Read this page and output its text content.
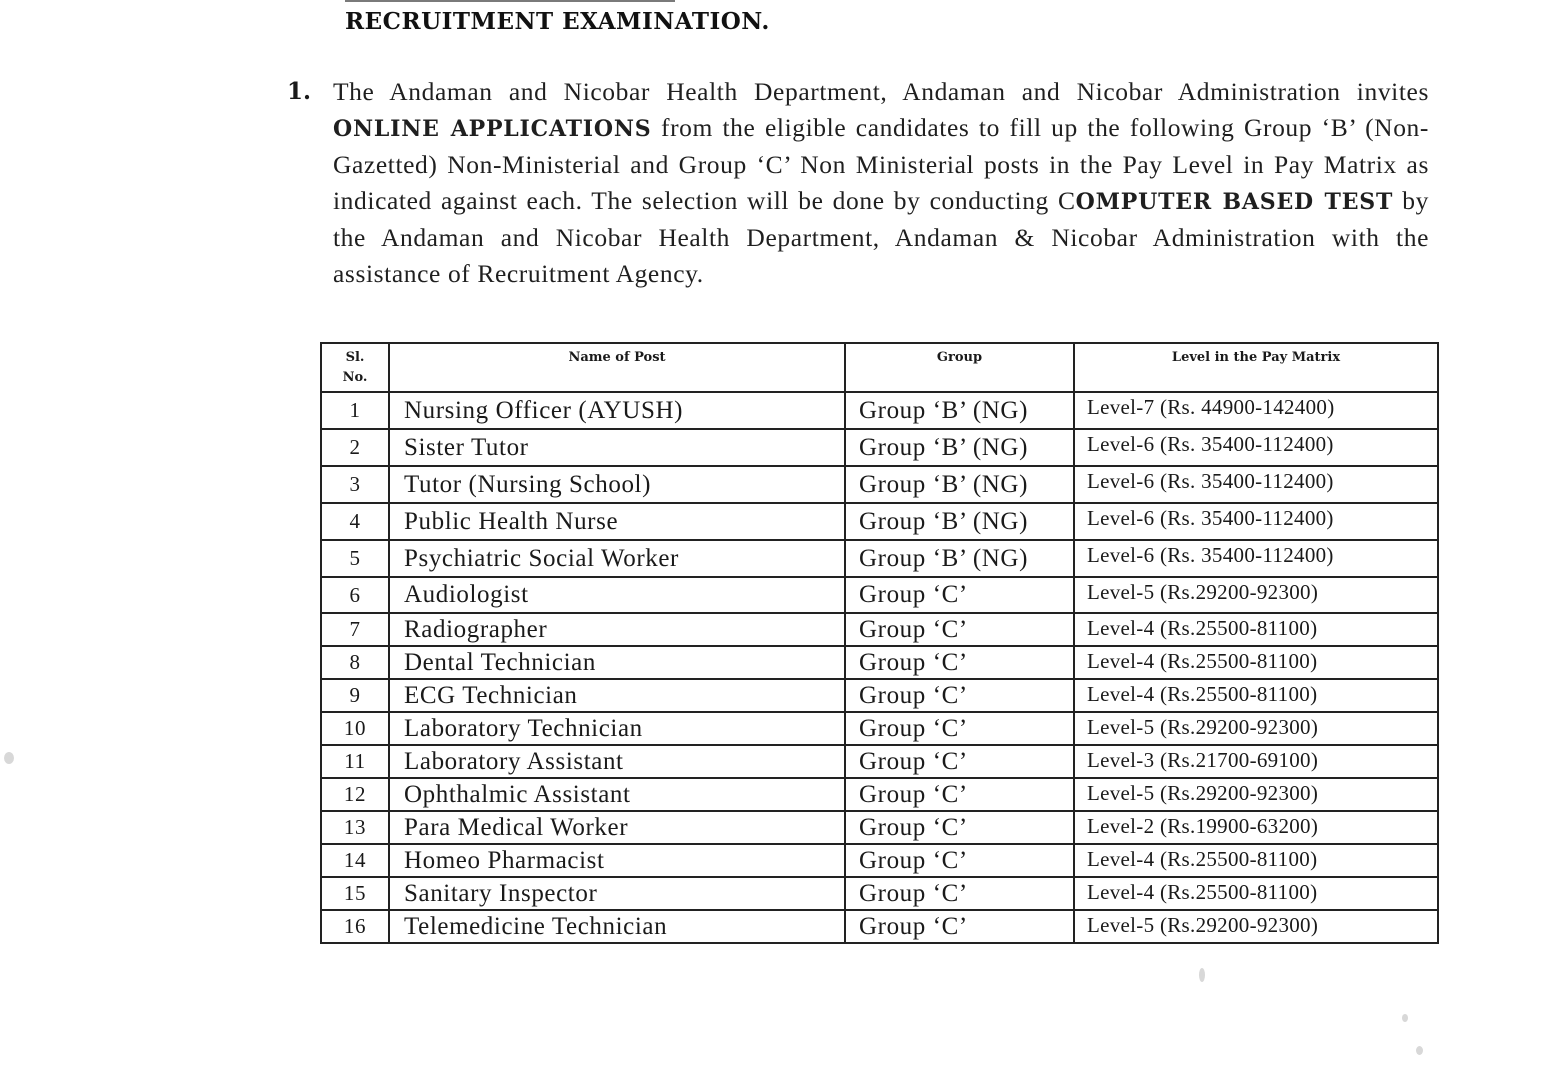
RECRUITMENT EXAMINATION.
1. The Andaman and Nicobar Health Department, Andaman and Nicobar Administration invites ONLINE APPLICATIONS from the eligible candidates to fill up the following Group ‘B’ (Non-Gazetted) Non-Ministerial and Group ‘C’ Non Ministerial posts in the Pay Level in Pay Matrix as indicated against each. The selection will be done by conducting COMPUTER BASED TEST by the Andaman and Nicobar Health Department, Andaman & Nicobar Administration with the assistance of Recruitment Agency.
Sl. No.	Name of Post	Group	Level in the Pay Matrix
1	Nursing Officer (AYUSH)	Group ‘B’ (NG)	Level-7 (Rs. 44900-142400)
2	Sister Tutor	Group ‘B’ (NG)	Level-6 (Rs. 35400-112400)
3	Tutor (Nursing School)	Group ‘B’ (NG)	Level-6 (Rs. 35400-112400)
4	Public Health Nurse	Group ‘B’ (NG)	Level-6 (Rs. 35400-112400)
5	Psychiatric Social Worker	Group ‘B’ (NG)	Level-6 (Rs. 35400-112400)
6	Audiologist	Group ‘C’	Level-5 (Rs.29200-92300)
7	Radiographer	Group ‘C’	Level-4 (Rs.25500-81100)
8	Dental Technician	Group ‘C’	Level-4 (Rs.25500-81100)
9	ECG Technician	Group ‘C’	Level-4 (Rs.25500-81100)
10	Laboratory Technician	Group ‘C’	Level-5 (Rs.29200-92300)
11	Laboratory Assistant	Group ‘C’	Level-3 (Rs.21700-69100)
12	Ophthalmic Assistant	Group ‘C’	Level-5 (Rs.29200-92300)
13	Para Medical Worker	Group ‘C’	Level-2 (Rs.19900-63200)
14	Homeo Pharmacist	Group ‘C’	Level-4 (Rs.25500-81100)
15	Sanitary Inspector	Group ‘C’	Level-4 (Rs.25500-81100)
16	Telemedicine Technician	Group ‘C’	Level-5 (Rs.29200-92300)
